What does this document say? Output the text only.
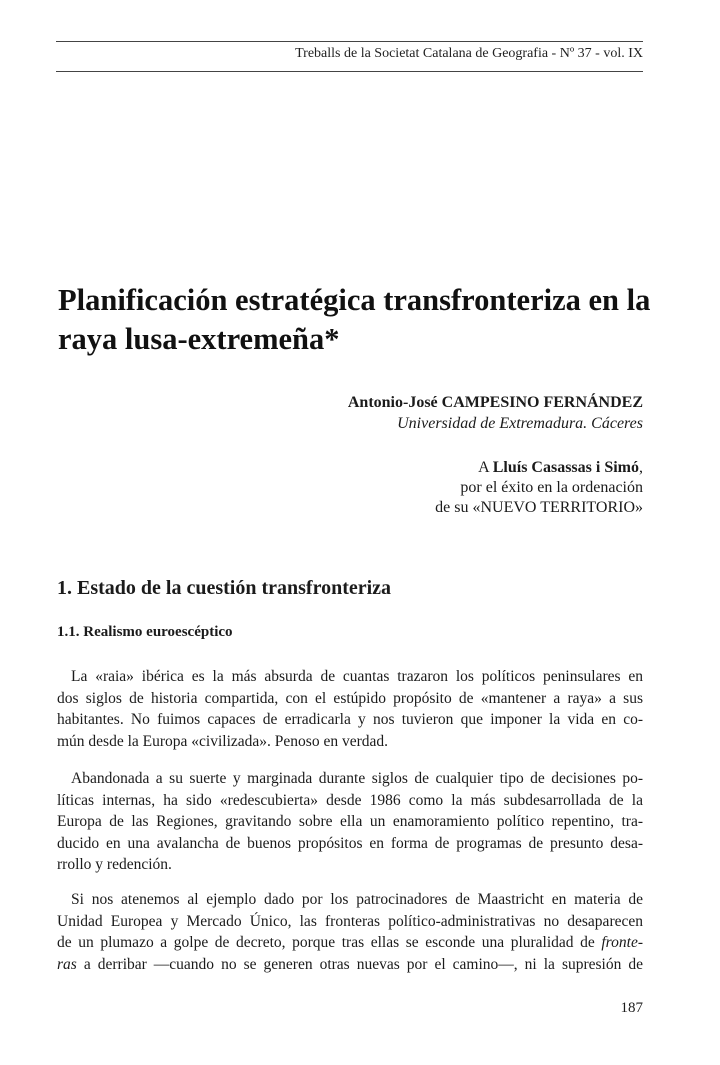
Treballs de la Societat Catalana de Geografia - Nº 37 - vol. IX
Planificación estratégica transfronteriza en la
raya lusa-extremeña*
Antonio-José CAMPESINO FERNÁNDEZ
Universidad de Extremadura. Cáceres
A Lluís Casassas i Simó,
por el éxito en la ordenación
de su «NUEVO TERRITORIO»
1. Estado de la cuestión transfronteriza
1.1. Realismo euroescéptico

La «raia» ibérica es la más absurda de cuantas trazaron los políticos peninsulares en
dos siglos de historia compartida, con el estúpido propósito de «mantener a raya» a sus
habitantes. No fuimos capaces de erradicarla y nos tuvieron que imponer la vida en co-
mún desde la Europa «civilizada». Penoso en verdad.

Abandonada a su suerte y marginada durante siglos de cualquier tipo de decisiones po-
líticas internas, ha sido «redescubierta» desde 1986 como la más subdesarrollada de la
Europa de las Regiones, gravitando sobre ella un enamoramiento político repentino, tra-
ducido en una avalancha de buenos propósitos en forma de programas de presunto desa-
rrollo y redención.

Si nos atenemos al ejemplo dado por los patrocinadores de Maastricht en materia de
Unidad Europea y Mercado Único, las fronteras político-administrativas no desaparecen
de un plumazo a golpe de decreto, porque tras ellas se esconde una pluralidad de fronte-
ras a derribar —cuando no se generen otras nuevas por el camino—, ni la supresión de

187
